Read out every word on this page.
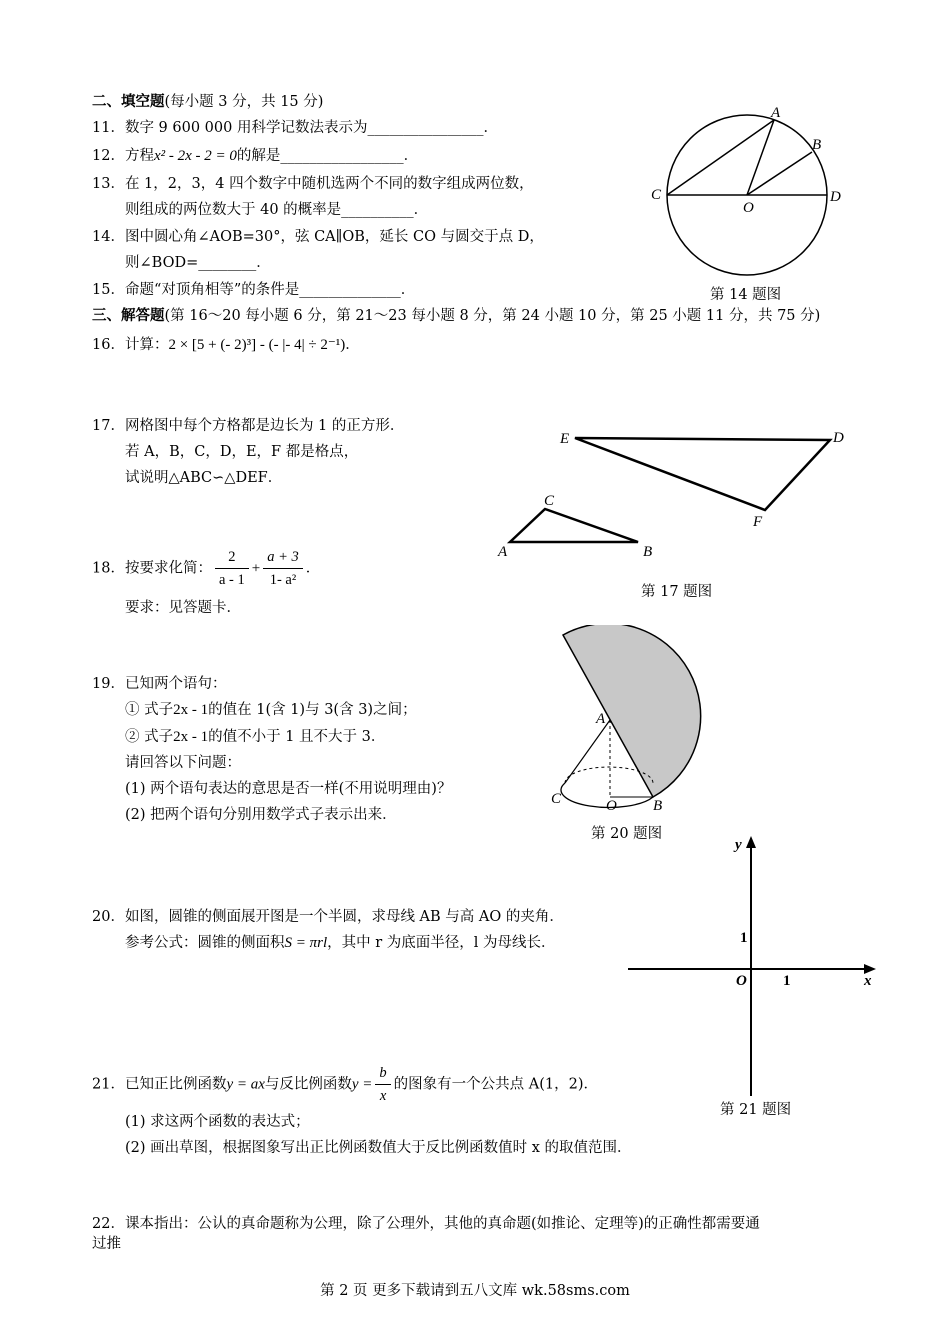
二、填空题(每小题 3 分，共 15 分)
11．数字 9 600 000 用科学记数法表示为________________．
12．方程x² - 2x - 2 = 0的解是_________________．
13．在 1，2，3，4 四个数字中随机选两个不同的数字组成两位数，
则组成的两位数大于 40 的概率是__________．
14．图中圆心角∠AOB=30°，弦 CA∥OB，延长 CO 与圆交于点 D，
则∠BOD=________．
15．命题“对顶角相等”的条件是______________．
A
B
C	D
O
第 14 题图
三、解答题(第 16～20 每小题 6 分，第 21～23 每小题 8 分，第 24 小题 10 分，第 25 小题 11 分，共 75 分)
16．计算：2 × [5 + (- 2)³] - (- |- 4| ÷ 2⁻¹)．
17．网格图中每个方格都是边长为 1 的正方形．
若 A，B，C，D，E，F 都是格点，
试说明△ABC∽△DEF．
E	D
F
C
A	B
18．按要求化简： $\frac{2}{a - 1} + \frac{a + 3}{\text{1- a²}}$ ．
第 17 题图
要求：见答题卡．
19．已知两个语句：
① 式子2x - 1的值在 1(含 1)与 3(含 3)之间；
② 式子2x - 1的值不小于 1 且不大于 3．
请回答以下问题：
(1) 两个语句表达的意思是否一样(不用说明理由)？
(2) 把两个语句分别用数学式子表示出来．
A
C	O B
第 20 题图
x
y
O 1
1
20．如图，圆锥的侧面展开图是一个半圆，求母线 AB 与高 AO 的夹角．
参考公式：圆锥的侧面积S = πrl，其中 r 为底面半径，l 为母线长．
21．已知正比例函数y = ax与反比例函数$y = \frac{b}{x}$ 的图象有一个公共点 A(1，2)．
第 21 题图
(1) 求这两个函数的表达式；
(2) 画出草图，根据图象写出正比例函数值大于反比例函数值时 x 的取值范围．
22．课本指出：公认的真命题称为公理，除了公理外，其他的真命题(如推论、定理等)的正确性都需要通
过推
第 2 页 更多下载请到五八文库 wk.58sms.com
